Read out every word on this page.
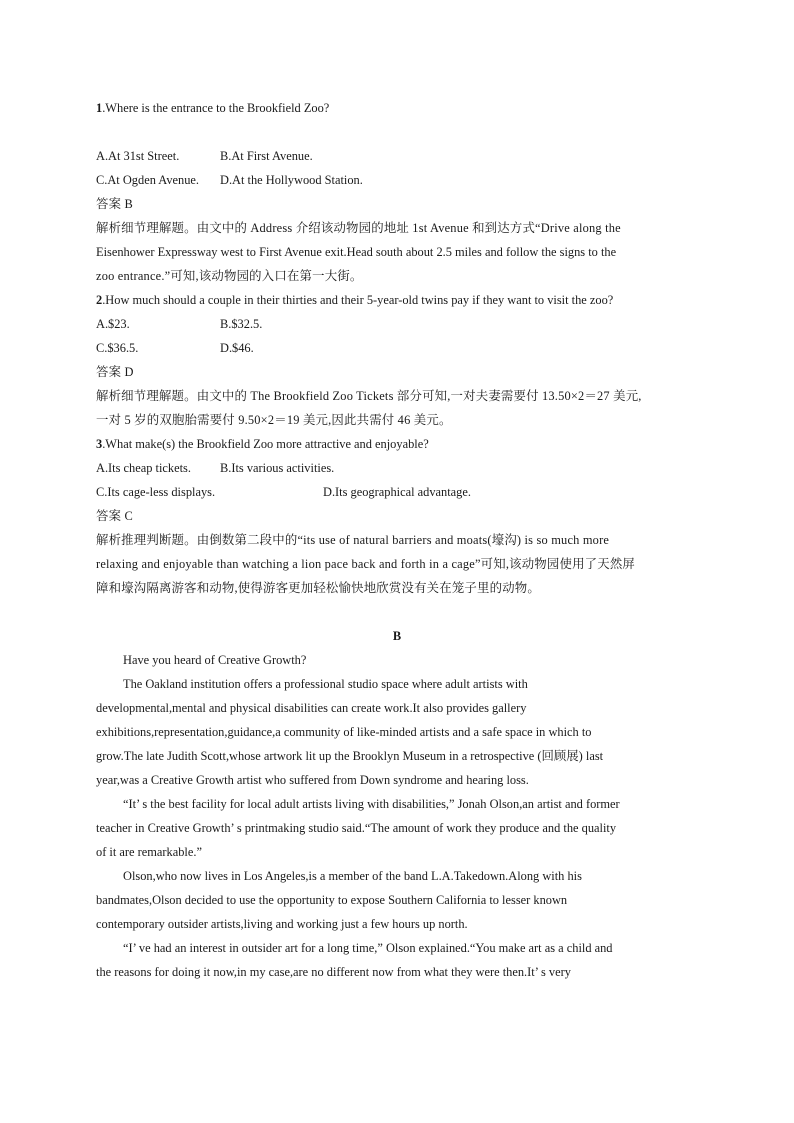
1.Where is the entrance to the Brookfield Zoo?
A.At 31st Street.	B.At First Avenue.
C.At Ogden Avenue. D.At the Hollywood Station.
答案 B
解析细节理解题。由文中的 Address 介绍该动物园的地址 1st Avenue 和到达方式“Drive along the
Eisenhower Expressway west to First Avenue exit.Head south about 2.5 miles and follow the signs to the
zoo entrance.”可知,该动物园的入口在第一大街。
2.How much should a couple in their thirties and their 5-year-old twins pay if they want to visit the zoo?
A.$23.	B.$32.5.
C.$36.5.	D.$46.
答案 D
解析细节理解题。由文中的 The Brookfield Zoo Tickets 部分可知,一对夫妻需要付 13.50×2＝27 美元,
一对 5 岁的双胞胎需要付 9.50×2＝19 美元,因此共需付 46 美元。
3.What make(s) the Brookfield Zoo more attractive and enjoyable?
A.Its cheap tickets. B.Its various activities.
C.Its cage-less displays.	D.Its geographical advantage.
答案 C
解析推理判断题。由倒数第二段中的“its use of natural barriers and moats(壕沟) is so much more
relaxing and enjoyable than watching a lion pace back and forth in a cage”可知,该动物园使用了天然屏
障和壕沟隔离游客和动物,使得游客更加轻松愉快地欣赏没有关在笼子里的动物。
B
Have you heard of Creative Growth?
The Oakland institution offers a professional studio space where adult artists with
developmental,mental and physical disabilities can create work.It also provides gallery
exhibitions,representation,guidance,a community of like-minded artists and a safe space in which to
grow.The late Judith Scott,whose artwork lit up the Brooklyn Museum in a retrospective (回顾展) last
year,was a Creative Growth artist who suffered from Down syndrome and hearing loss.
“It’ s the best facility for local adult artists living with disabilities,” Jonah Olson,an artist and former
teacher in Creative Growth’ s printmaking studio said.“The amount of work they produce and the quality
of it are remarkable.”
Olson,who now lives in Los Angeles,is a member of the band L.A.Takedown.Along with his
bandmates,Olson decided to use the opportunity to expose Southern California to lesser known
contemporary outsider artists,living and working just a few hours up north.
“I’ ve had an interest in outsider art for a long time,” Olson explained.“You make art as a child and
the reasons for doing it now,in my case,are no different now from what they were then.It’ s very
